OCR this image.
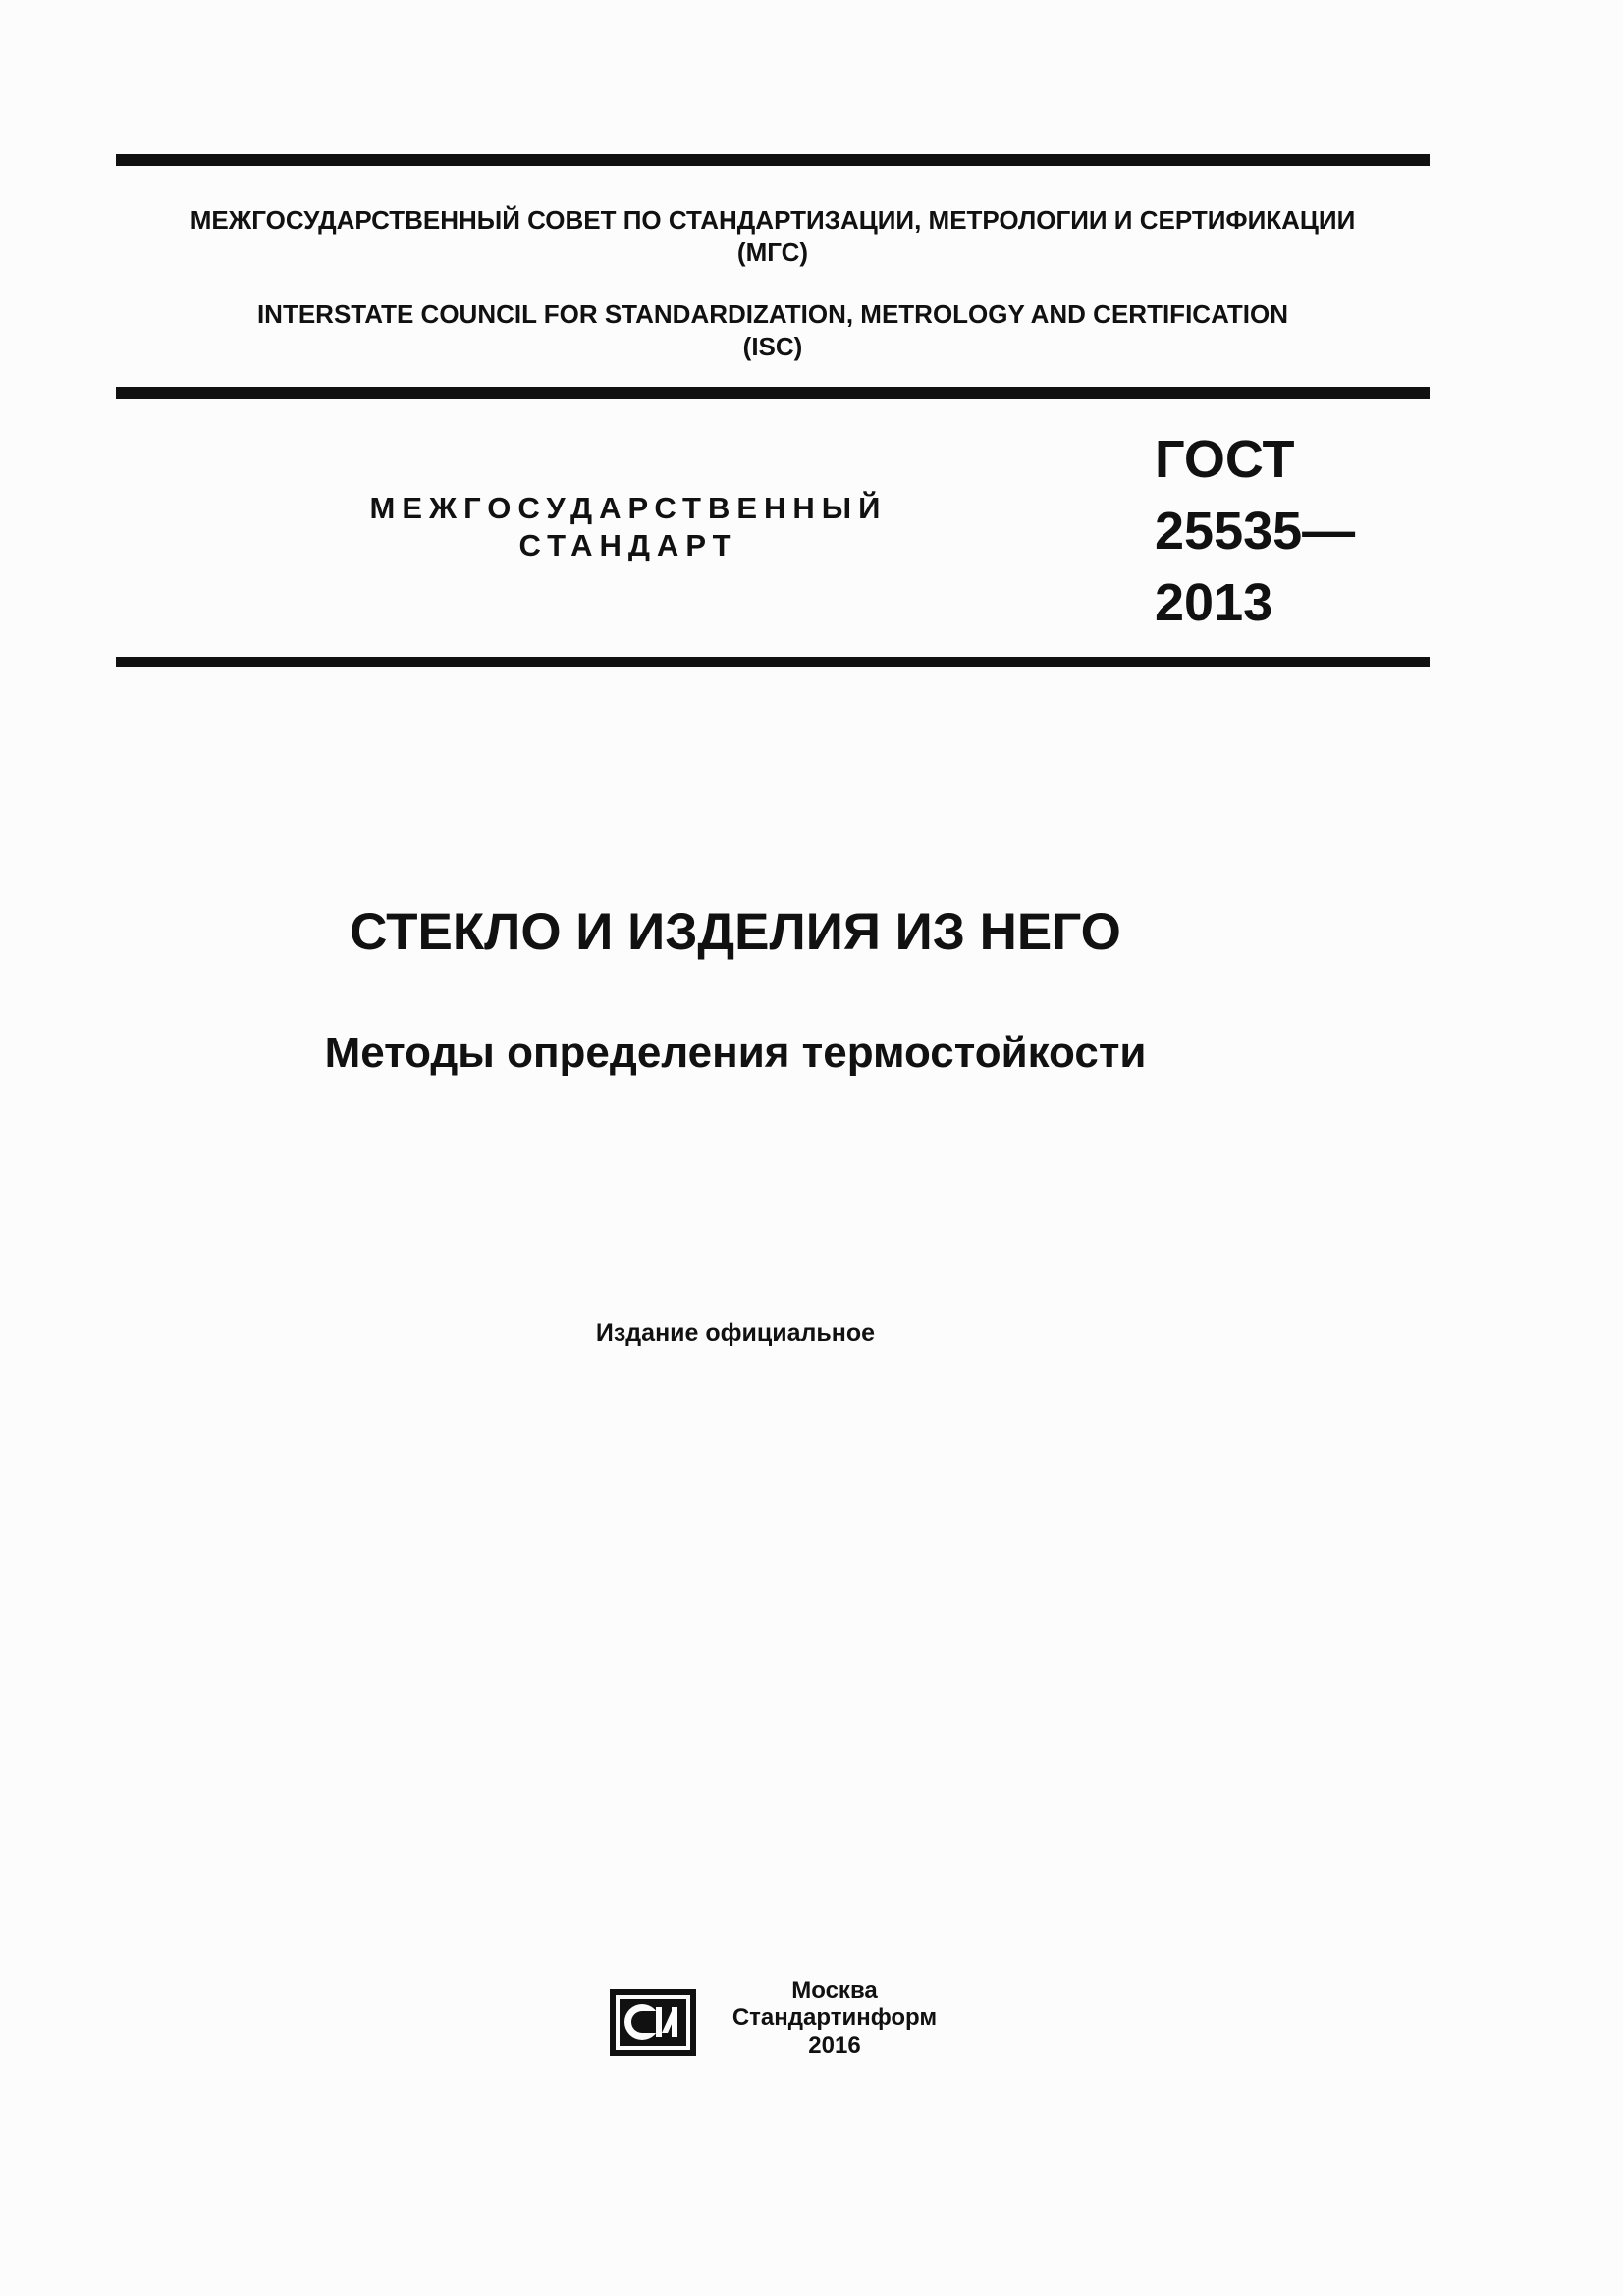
МЕЖГОСУДАРСТВЕННЫЙ СОВЕТ ПО СТАНДАРТИЗАЦИИ, МЕТРОЛОГИИ И СЕРТИФИКАЦИИ
(МГС)
INTERSTATE COUNCIL FOR STANDARDIZATION, METROLOGY AND CERTIFICATION
(ISC)
МЕЖГОСУДАРСТВЕННЫЙ
СТАНДАРТ
ГОСТ
25535—
2013
СТЕКЛО И ИЗДЕЛИЯ ИЗ НЕГО
Методы определения термостойкости
Издание официальное
Москва
Стандартинформ
2016
